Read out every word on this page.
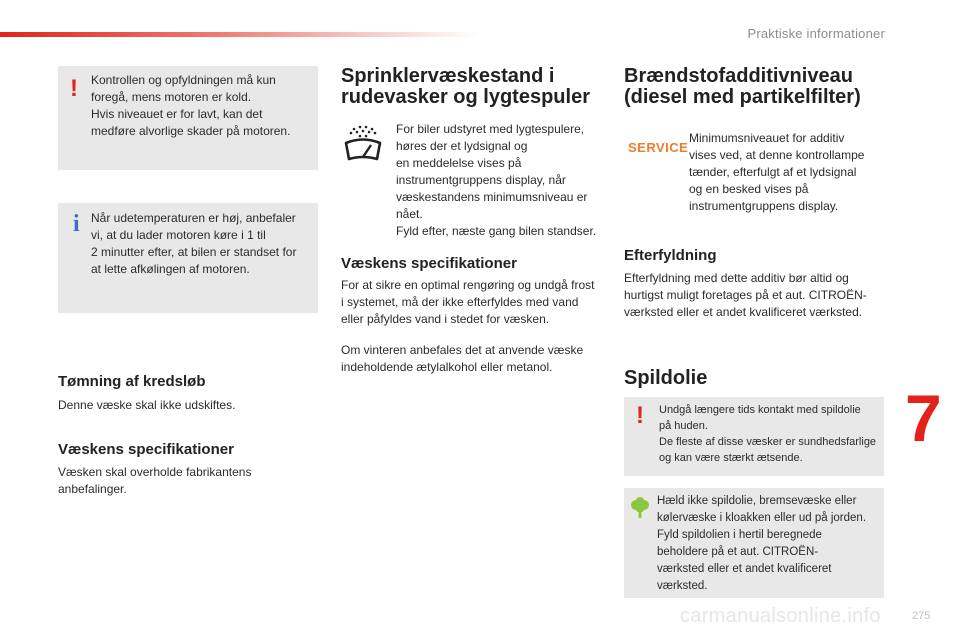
Praktiske informationer
! Kontrollen og opfyldningen må kun

foregå, mens motoren er kold.

Hvis niveauet er for lavt, kan det

medføre alvorlige skader på motoren.

i Når udetemperaturen er høj, anbefaler

vi, at du lader motoren køre i 1 til

2 minutter efter, at bilen er standset for

at lette afkølingen af motoren.

Tømning af kredsløb

Denne væske skal ikke udskiftes.

Væskens specifikationer
Væsken skal overholde fabrikantens
anbefalinger.
Sprinklervæskestand i
rudevasker og lygtespuler
For biler udstyret med lygtespulere,
høres der et lydsignal og
en meddelelse vises på
instrumentgruppens display, når
væskestandens minimumsniveau er
nået.
Fyld efter, næste gang bilen standser.
Væskens specifikationer
For at sikre en optimal rengøring og undgå frost
i systemet, må der ikke efterfyldes med vand
eller påfyldes vand i stedet for væsken.
Om vinteren anbefales det at anvende væske
indeholdende ætylalkohol eller metanol.
Brændstofadditivniveau
(diesel med partikelfilter)
SERVICE
Minimumsniveauet for additiv
vises ved, at denne kontrollampe
tænder, efterfulgt af et lydsignal
og en besked vises på
instrumentgruppens display.
Efterfyldning
Efterfyldning med dette additiv bør altid og
hurtigst muligt foretages på et aut. CITROËN-
værksted eller et andet kvalificeret værksted.
Spildolie
! Undgå længere tids kontakt med spildolie
på huden.
De fleste af disse væsker er sundhedsfarlige
og kan være stærkt ætsende.
Hæld ikke spildolie, bremsevæske eller
kølervæske i kloakken eller ud på jorden.
Fyld spildolien i hertil beregnede
beholdere på et aut. CITROËN-
værksted eller et andet kvalificeret
værksted.
7
carmanualsonline.info	275
